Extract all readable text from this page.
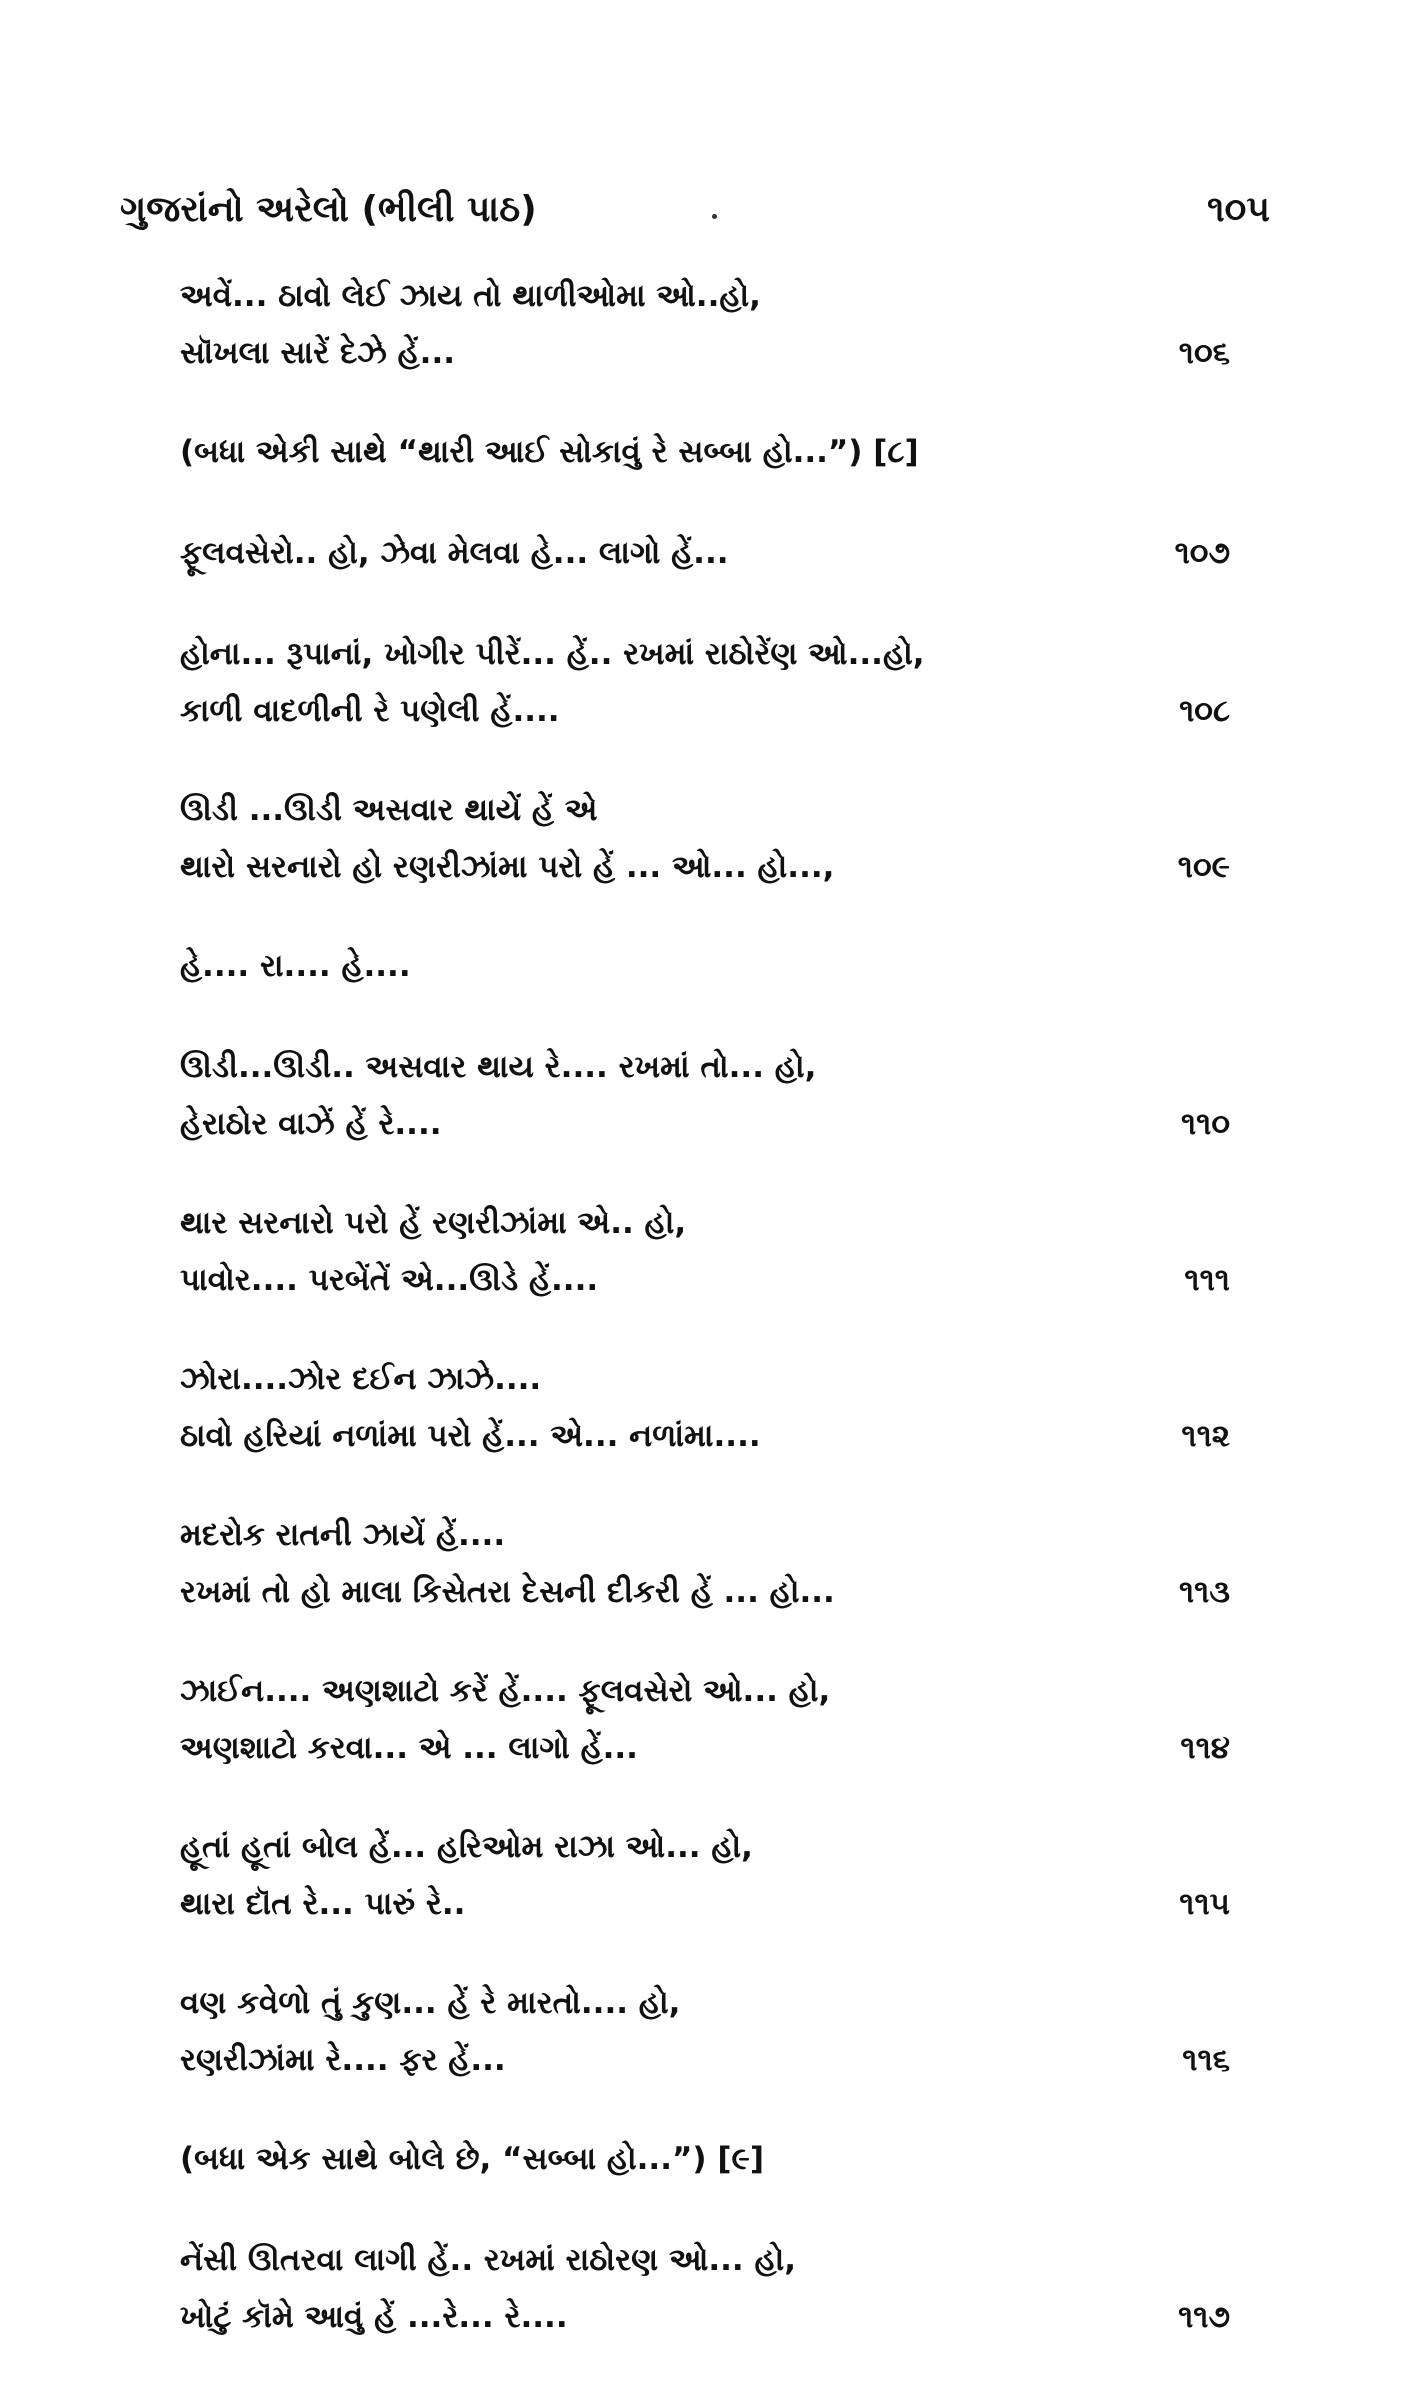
ગુજરાંનો અરેલો (ભીલી પાઠ)	૧૦૫
અવેં... ઠાવો લેઈ ઝાય તો થાળીઓમા ઓ..હો,
સૉખલા સારેં દેઝે હેં...	૧૦૬
(બધા એકી સાથે “થારી આઈ સોકાવું રે સબ્બા હો...”) [૮]
ફૂલવસેરો.. હો, ઝેવા મેલવા હે... લાગો હેં...	૧૦૭
હોના... રૂપાનાં, ખોગીર પીરેં... હેં.. રખમાં રાઠોરેંણ ઓ...હો,
કાળી વાદળીની રે પણેલી હેં....	૧૦૮
ઊડી ...ઊડી અસવાર થાયેં હેં એ
થારો સરનારો હો રણરીઝાંમા પરો હેં ... ઓ... હો...,	૧૦૯
હે.... રા.... હે....
ઊડી...ઊડી.. અસવાર થાય રે.... રખમાં તો... હો,
હેરાઠોર વાઝેં હેં રે....	૧૧૦
થાર સરનારો પરો હેં રણરીઝાંમા એ.. હો,
પાવોર.... પરબેંતેં એ...ઊડે હેં....	૧૧૧
ઝોરા....ઝોર દઈન ઝાઝે....
ઠાવો હરિયાં નળાંમા પરો હેં... એ... નળાંમા....	૧૧૨
મદરોક રાતની ઝાયેં હેં....
રખમાં તો હો માલા કિસેતરા દેસની દીકરી હેં ... હો...	૧૧૩
ઝાઈન.... અણશાટો કરેં હેં.... ફૂલવસેરો ઓ... હો,
અણશાટો કરવા... એ ... લાગો હેં...	૧૧૪
હૂતાં હૂતાં બોલ હેં... હરિઓમ રાઝા ઓ... હો,
થારા દૉત રે... પારું રે..	૧૧૫
વણ કવેળો તું કુણ... હેં રે મારતો.... હો,
રણરીઝાંમા રે.... ફર હેં...	૧૧૬
(બધા એક સાથે બોલે છે, “સબ્બા હો...”) [૯]
નેંસી ઊતરવા લાગી હેં.. રખમાં રાઠોરણ ઓ... હો,
ખોટું કૉમે આવું હેં ...રે... રે....	૧૧૭
